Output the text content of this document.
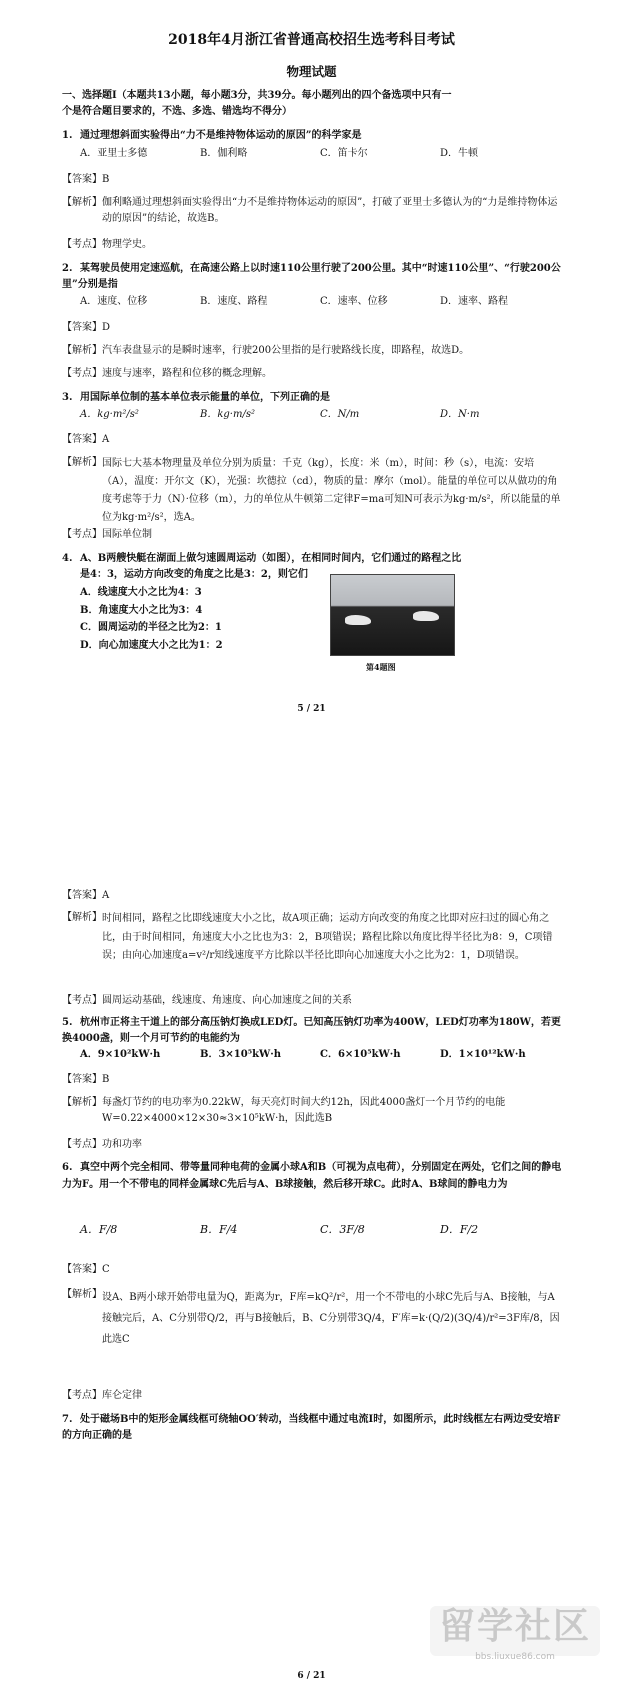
2018年4月浙江省普通高校招生选考科目考试
物理试题
一、选择题Ⅰ（本题共13小题，每小题3分，共39分。每小题列出的四个备选项中只有一
个是符合题目要求的，不选、多选、错选均不得分）
1. 通过理想斜面实验得出“力不是维持物体运动的原因”的科学家是
A．亚里士多德	B．伽利略	C．笛卡尔	D．牛顿
【答案】B
【解析】 伽利略通过理想斜面实验得出“力不是维持物体运动的原因”，打破了亚里士多德认为的“力是维持物体运动的原因”的结论，故选B。
【考点】物理学史。
2. 某驾驶员使用定速巡航，在高速公路上以时速110公里行驶了200公里。其中“时速110公里”、“行驶200公里”分别是指
A．速度、位移	B．速度、路程	C．速率、位移	D．速率、路程
【答案】D
【解析】 汽车表盘显示的是瞬时速率，行驶200公里指的是行驶路线长度，即路程，故选D。
【考点】速度与速率，路程和位移的概念理解。
3. 用国际单位制的基本单位表示能量的单位，下列正确的是
A．kg·m²/s²	B．kg·m/s²	C．N/m	D．N·m
【答案】A
【解析】 国际七大基本物理量及单位分别为质量：千克（kg），长度：米（m），时间：秒（s），电流：安培（A），温度：开尔文（K），光强：坎德拉（cd），物质的量：摩尔（mol）。能量的单位可以从做功的角度考虑等于力（N）·位移（m），力的单位从牛顿第二定律F=ma可知N可表示为kg·m/s²，所以能量的单位为kg·m²/s²，选A。
【考点】国际单位制
4. A、B两艘快艇在湖面上做匀速圆周运动（如图），在相同时间内，它们通过的路程之比
是4：3，运动方向改变的角度之比是3：2，则它们
A．线速度大小之比为4：3
B．角速度大小之比为3：4
C．圆周运动的半径之比为2：1
D．向心加速度大小之比为1：2
第4题图
5 / 21
【答案】A
【解析】 时间相同，路程之比即线速度大小之比，故A项正确；运动方向改变的角度之比即对应扫过的圆心角之比，由于时间相同，角速度大小之比也为3：2，B项错误；路程比除以角度比得半径比为8：9，C项错误；由向心加速度a=v²/r知线速度平方比除以半径比即向心加速度大小之比为2：1，D项错误。
【考点】圆周运动基础，线速度、角速度、向心加速度之间的关系
5. 杭州市正将主干道上的部分高压钠灯换成LED灯。已知高压钠灯功率为400W，LED灯功率为180W，若更换4000盏，则一个月可节约的电能约为
A．9×10²kW·h	B．3×10⁵kW·h	C．6×10⁵kW·h	D．1×10¹²kW·h
【答案】B
【解析】 每盏灯节约的电功率为0.22kW，每天亮灯时间大约12h，因此4000盏灯一个月节约的电能W=0.22×4000×12×30≈3×10⁵kW·h，因此选B
【考点】功和功率
6. 真空中两个完全相同、带等量同种电荷的金属小球A和B（可视为点电荷），分别固定在两处，它们之间的静电力为F。用一个不带电的同样金属球C先后与A、B球接触，然后移开球C。此时A、B球间的静电力为
A．F/8	B．F/4	C．3F/8	D．F/2
【答案】C
【解析】 设A、B两小球开始带电量为Q，距离为r，F库=kQ²/r²，用一个不带电的小球C先后与A、B接触，与A接触完后，A、C分别带Q/2，再与B接触后，B、C分别带3Q/4，F′库=k·(Q/2)(3Q/4)/r²=3F库/8，因此选C
【考点】库仑定律
7. 处于磁场B中的矩形金属线框可绕轴OO′转动，当线框中通过电流I时，如图所示，此时线框左右两边受安培F的方向正确的是
留学社区
bbs.liuxue86.com
6 / 21
